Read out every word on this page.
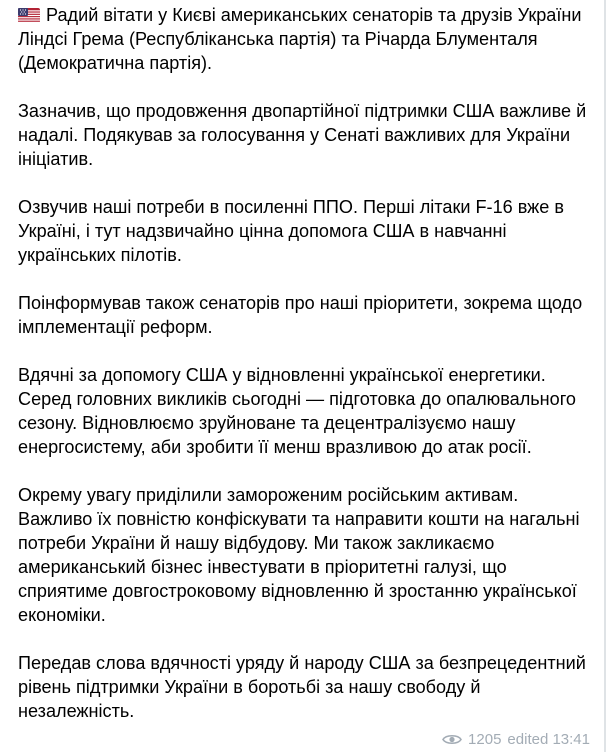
Радий вітати у Києві американських сенаторів та друзів України Ліндсі Грема (Республіканська партія) та Річарда Блументаля (Демократична партія).

Зазначив, що продовження двопартійної підтримки США важливе й надалі. Подякував за голосування у Сенаті важливих для України ініціатив.

Озвучив наші потреби в посиленні ППО. Перші літаки F-16 вже в Україні, і тут надзвичайно цінна допомога США в навчанні українських пілотів.

Поінформував також сенаторів про наші пріоритети, зокрема щодо імплементації реформ.

Вдячні за допомогу США у відновленні української енергетики. Серед головних викликів сьогодні — підготовка до опалювального сезону. Відновлюємо зруйноване та децентралізуємо нашу енергосистему, аби зробити її менш вразливою до атак росії.

Окрему увагу приділили замороженим російським активам. Важливо їх повністю конфіскувати та направити кошти на нагальні потреби України й нашу відбудову. Ми також закликаємо американський бізнес інвестувати в пріоритетні галузі, що сприятиме довгостроковому відновленню й зростанню української економіки.

Передав слова вдячності уряду й народу США за безпрецедентний рівень підтримки України в боротьбі за нашу свободу й незалежність.

1205 edited 13:41
